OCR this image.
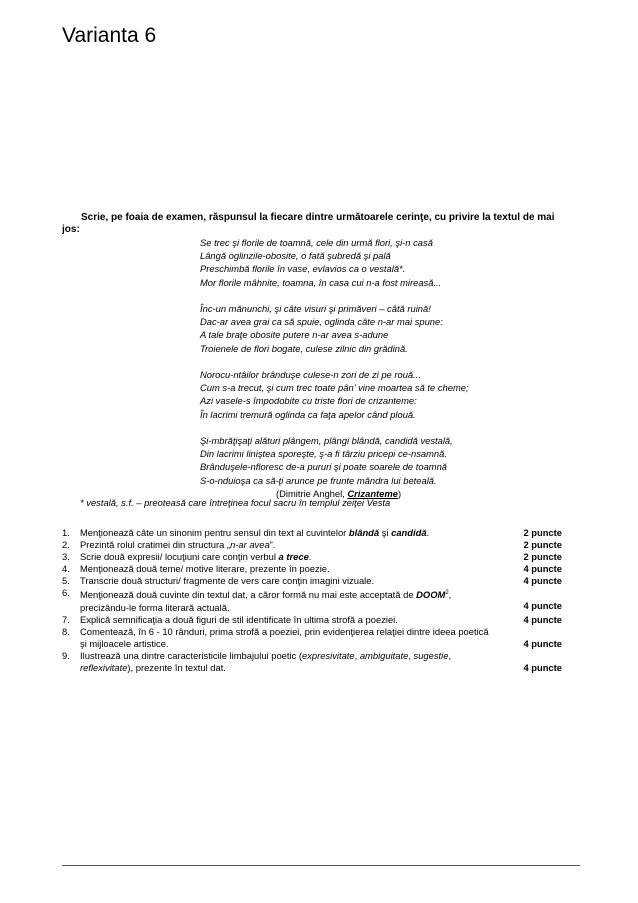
Varianta 6

Scrie, pe foaia de examen, răspunsul la fiecare dintre următoarele cerinţe, cu privire la textul de mai jos:

Se trec şi florile de toamnă, cele din urmă flori, şi-n casă
Lângă oglinzile-obosite, o fată şubredă şi pală
Preschimbă florile în vase, evlavios ca o vestală*.
Mor florile mâhnite, toamna, în casa cui n-a fost mireasă...
Înc-un mănunchi, şi câte visuri şi primăveri – câtă ruină!
Dac-ar avea grai ca să spuie, oglinda câte n-ar mai spune:
A tale braţe obosite putere n-ar avea s-adune
Troienele de flori bogate, culese zilnic din grădină.
Norocu-ntâilor brânduşe culese-n zori de zi pe rouă...
Cum s-a trecut, şi cum trec toate pân' vine moartea să te cheme;
Azi vasele-s împodobite cu triste flori de crizanteme:
În lacrimi tremură oglinda ca faţa apelor când plouă.
Şi-mbrăţişaţi alături plângem, plângi blândă, candidă vestală,
Din lacrimi liniştea sporeşte, ş-a fi târziu pricepi ce-nsamnă.
Brânduşele-nfloresc de-a pururi şi poate soarele de toamnă
S-o-nduioşa ca să-ţi arunce pe frunte mândra lui beteală.
(Dimitrie Anghel, Crizanteme)
* vestală, s.f. – preoteasă care întreţinea focul sacru în templul zeiţei Vesta
1.	Menţionează câte un sinonim pentru sensul din text al cuvintelor blândă şi candidă.	2 puncte
2.	Prezintă rolul cratimei din structura „n-ar avea”.	2 puncte
3.	Scrie două expresii/ locuţiuni care conţin verbul a trece.	2 puncte
4.	Menţionează două teme/ motive literare, prezente în poezie.	4 puncte
5.	Transcrie două structuri/ fragmente de vers care conţin imagini vizuale.	4 puncte
6.	Menţionează două cuvinte din textul dat, a căror formă nu mai este acceptată de DOOM$^2$, precizându-le forma literară actuală.	4 puncte
7.	Explică semnificaţia a două figuri de stil identificate în ultima strofă a poeziei.	4 puncte
8.	Comentează, în 6 - 10 rânduri, prima strofă a poeziei, prin evidenţierea relaţiei dintre ideea poetică şi mijloacele artistice.	4 puncte
9.	Ilustrează una dintre caracteristicile limbajului poetic (expresivitate, ambiguitate, sugestie, reflexivitate), prezente în textul dat.	4 puncte
